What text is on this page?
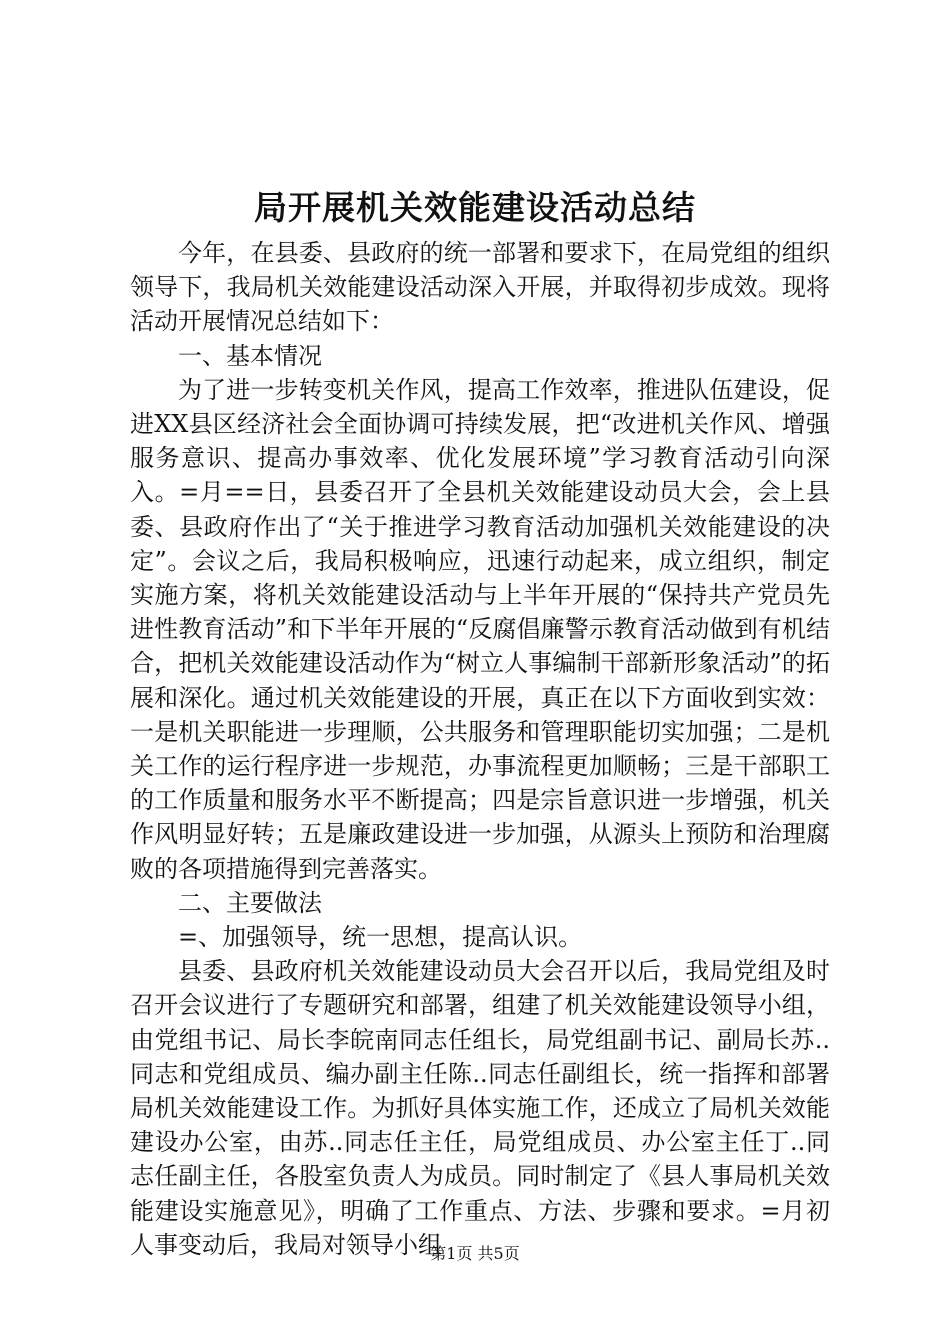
局开展机关效能建设活动总结

今年，在县委、县政府的统一部署和要求下，在局党组的组织领导下，我局机关效能建设活动深入开展，并取得初步成效。现将活动开展情况总结如下：

一、基本情况

为了进一步转变机关作风，提高工作效率，推进队伍建设，促进XX县区经济社会全面协调可持续发展，把“改进机关作风、增强服务意识、提高办事效率、优化发展环境”学习教育活动引向深入。=月==日，县委召开了全县机关效能建设动员大会，会上县委、县政府作出了“关于推进学习教育活动加强机关效能建设的决定”。会议之后，我局积极响应，迅速行动起来，成立组织，制定实施方案，将机关效能建设活动与上半年开展的“保持共产党员先进性教育活动”和下半年开展的“反腐倡廉警示教育活动做到有机结合，把机关效能建设活动作为“树立人事编制干部新形象活动”的拓展和深化。通过机关效能建设的开展，真正在以下方面收到实效：一是机关职能进一步理顺，公共服务和管理职能切实加强；二是机关工作的运行程序进一步规范，办事流程更加顺畅；三是干部职工的工作质量和服务水平不断提高；四是宗旨意识进一步增强，机关作风明显好转；五是廉政建设进一步加强，从源头上预防和治理腐败的各项措施得到完善落实。

二、主要做法

=、加强领导，统一思想，提高认识。

县委、县政府机关效能建设动员大会召开以后，我局党组及时召开会议进行了专题研究和部署，组建了机关效能建设领导小组，由党组书记、局长李皖南同志任组长，局党组副书记、副局长苏..同志和党组成员、编办副主任陈..同志任副组长，统一指挥和部署局机关效能建设工作。为抓好具体实施工作，还成立了局机关效能建设办公室，由苏..同志任主任，局党组成员、办公室主任丁..同志任副主任，各股室负责人为成员。同时制定了《县人事局机关效能建设实施意见》，明确了工作重点、方法、步骤和要求。=月初人事变动后，我局对领导小组

第1页 共5页
